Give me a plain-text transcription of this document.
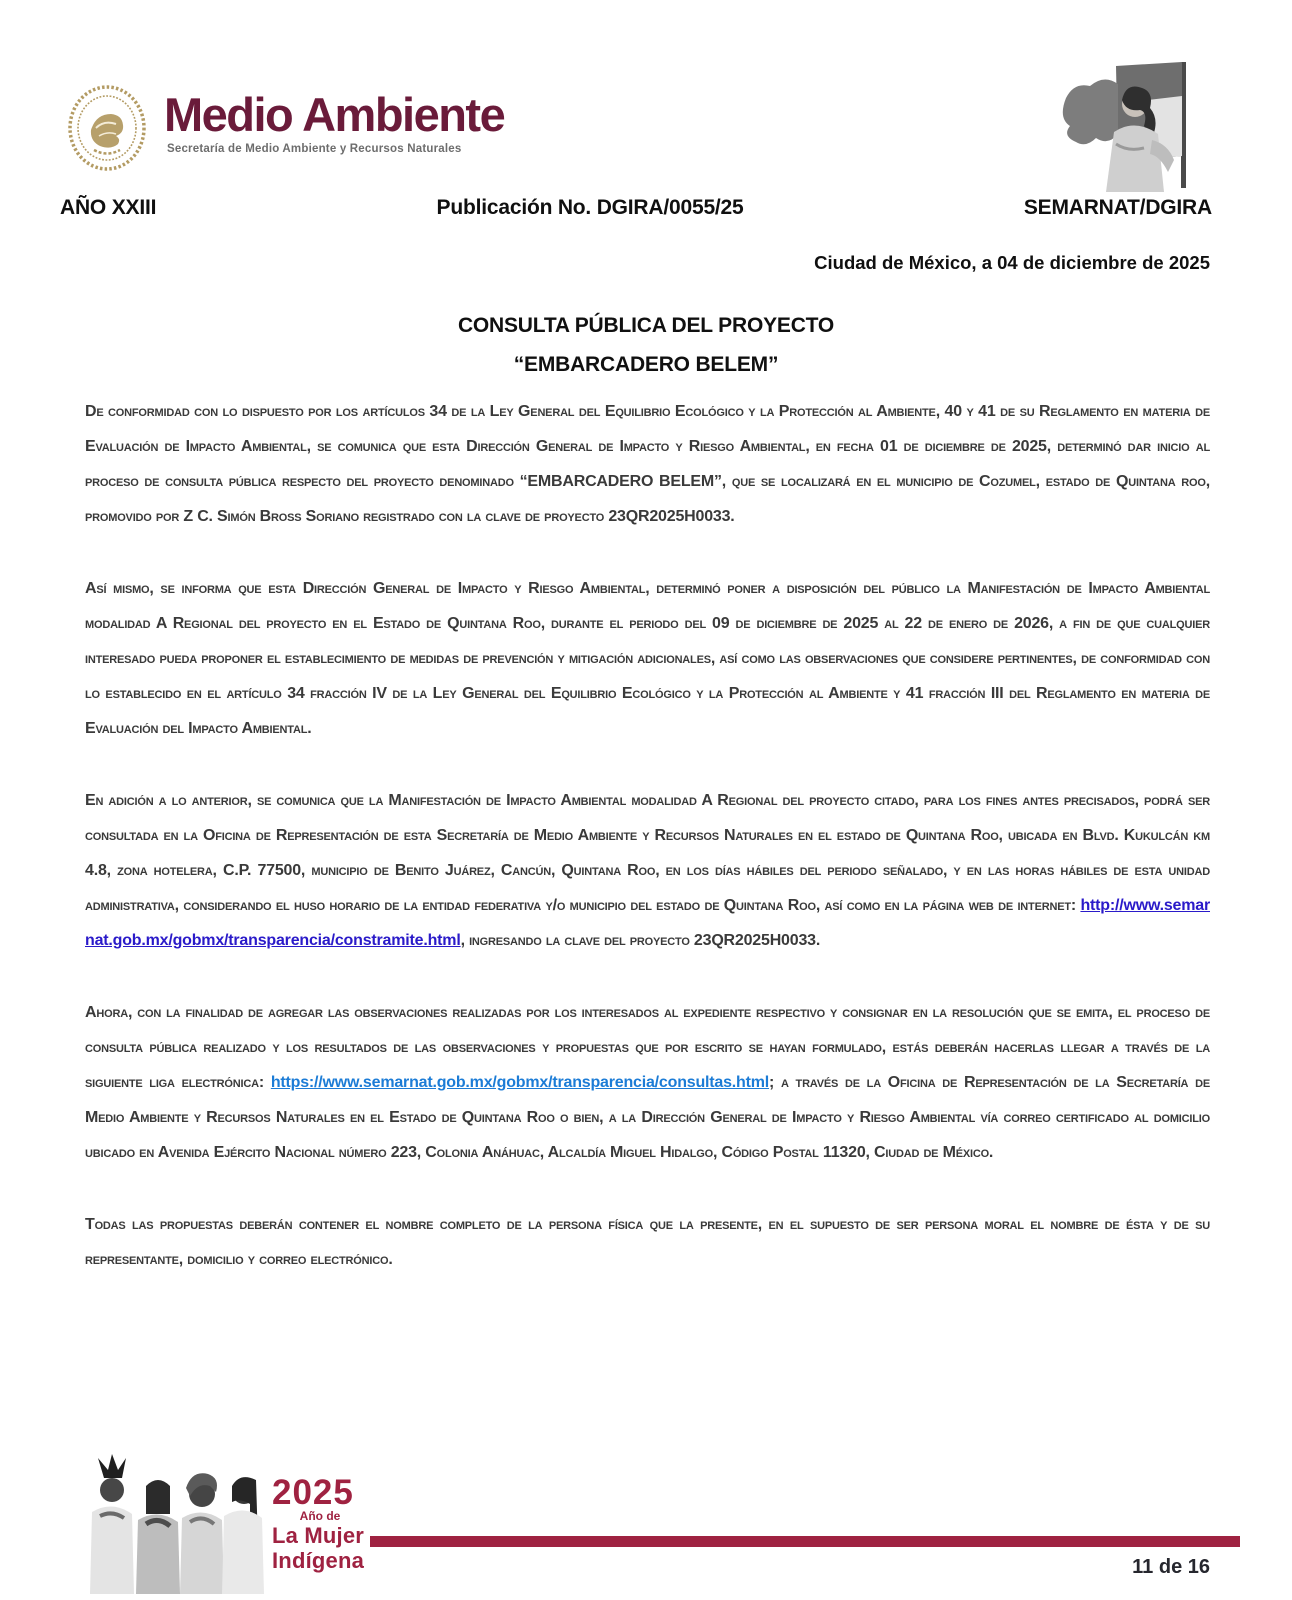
Medio Ambiente
Secretaría de Medio Ambiente y Recursos Naturales
AÑO XXIII	Publicación No. DGIRA/0055/25	SEMARNAT/DGIRA
Ciudad de México, a 04 de diciembre de 2025
CONSULTA PÚBLICA DEL PROYECTO
“EMBARCADERO BELEM”

De conformidad con lo dispuesto por los artículos 34 de la Ley General del Equilibrio Ecológico y la Protección al Ambiente, 40 y 41 de su Reglamento en materia de Evaluación de Impacto Ambiental, se comunica que esta Dirección General de Impacto y Riesgo Ambiental, en fecha 01 de diciembre de 2025, determinó dar inicio al proceso de consulta pública respecto del proyecto denominado “EMBARCADERO BELEM”, que se localizará en el municipio de Cozumel, estado de Quintana roo, promovido por Z C. Simón Bross Soriano registrado con la clave de proyecto 23QR2025H0033.

Así mismo, se informa que esta Dirección General de Impacto y Riesgo Ambiental, determinó poner a disposición del público la Manifestación de Impacto Ambiental modalidad A Regional del proyecto en el Estado de Quintana Roo, durante el periodo del 09 de diciembre de 2025 al 22 de enero de 2026, a fin de que cualquier interesado pueda proponer el establecimiento de medidas de prevención y mitigación adicionales, así como las observaciones que considere pertinentes, de conformidad con lo establecido en el artículo 34 fracción IV de la Ley General del Equilibrio Ecológico y la Protección al Ambiente y 41 fracción III del Reglamento en materia de Evaluación del Impacto Ambiental.

En adición a lo anterior, se comunica que la Manifestación de Impacto Ambiental modalidad A Regional del proyecto citado, para los fines antes precisados, podrá ser consultada en la Oficina de Representación de esta Secretaría de Medio Ambiente y Recursos Naturales en el estado de Quintana Roo, ubicada en Blvd. Kukulcán km 4.8, zona hotelera, C.P. 77500, municipio de Benito Juárez, Cancún, Quintana Roo, en los días hábiles del periodo señalado, y en las horas hábiles de esta unidad administrativa, considerando el huso horario de la entidad federativa y/o municipio del estado de Quintana Roo, así como en la página web de internet: http://www.semarnat.gob.mx/gobmx/transparencia/constramite.html, ingresando la clave del proyecto 23QR2025H0033.

Ahora, con la finalidad de agregar las observaciones realizadas por los interesados al expediente respectivo y consignar en la resolución que se emita, el proceso de consulta pública realizado y los resultados de las observaciones y propuestas que por escrito se hayan formulado, estás deberán hacerlas llegar a través de la siguiente liga electrónica: https://www.semarnat.gob.mx/gobmx/transparencia/consultas.html; a través de la Oficina de Representación de la Secretaría de Medio Ambiente y Recursos Naturales en el Estado de Quintana Roo o bien, a la Dirección General de Impacto y Riesgo Ambiental vía correo certificado al domicilio ubicado en Avenida Ejército Nacional número 223, Colonia Anáhuac, Alcaldía Miguel Hidalgo, Código Postal 11320, Ciudad de México.

Todas las propuestas deberán contener el nombre completo de la persona física que la presente, en el supuesto de ser persona moral el nombre de ésta y de su representante, domicilio y correo electrónico.

2025
Año de
La Mujer
Indígena	11 de 16
